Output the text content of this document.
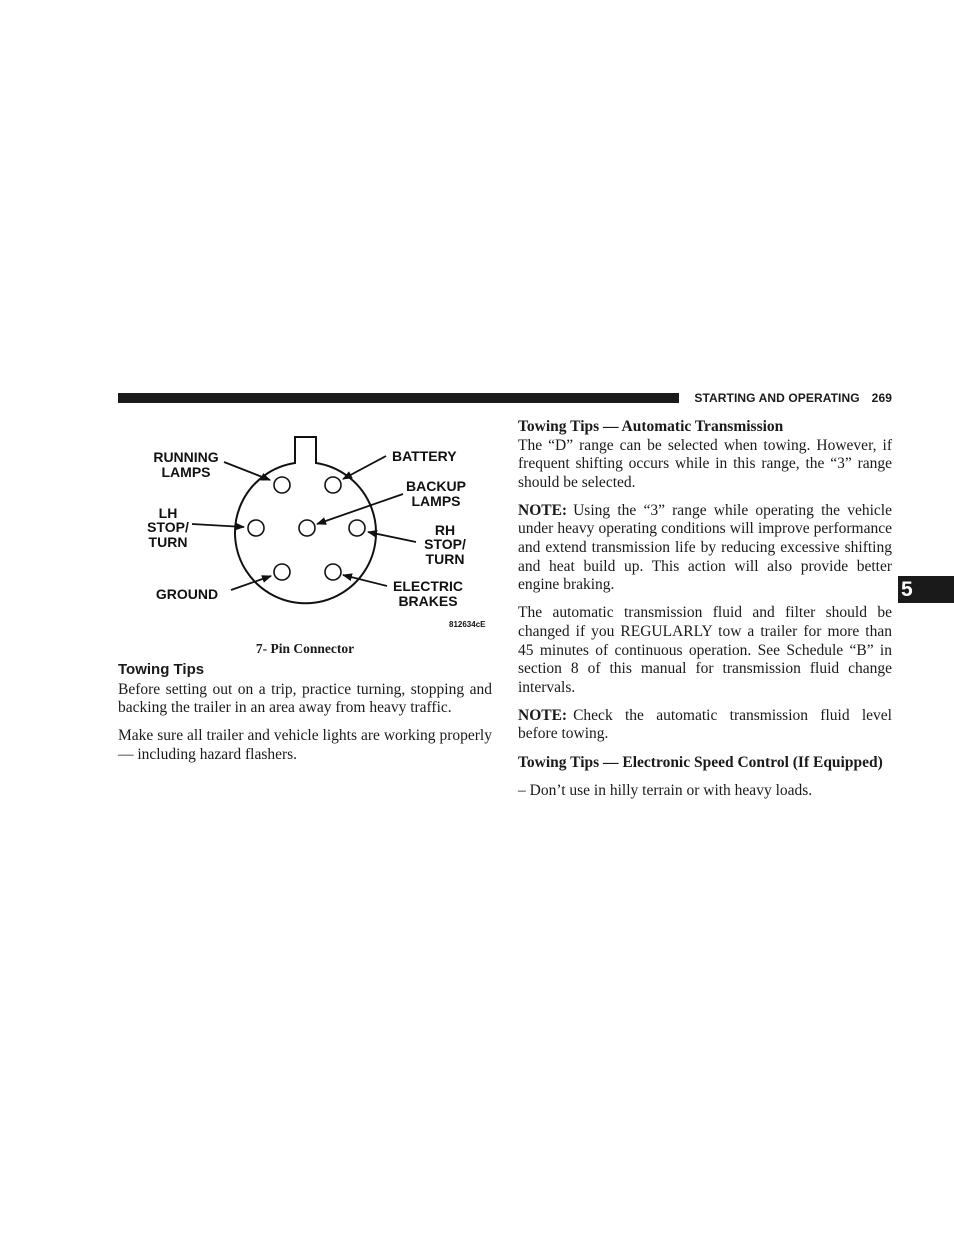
STARTING AND OPERATING 269
5
RUNNING
LAMPS
BATTERY
BACKUP
LAMPS
LH
STOP/
TURN
RH
STOP/
TURN
GROUND	ELECTRIC
BRAKES
812634cE
7- Pin Connector
Towing Tips

Before setting out on a trip, practice turning, stopping and backing the trailer in an area away from heavy traffic.

Make sure all trailer and vehicle lights are working properly — including hazard flashers.

Towing Tips — Automatic Transmission

The “D” range can be selected when towing. However, if frequent shifting occurs while in this range, the “3” range should be selected.

NOTE: Using the “3” range while operating the vehicle under heavy operating conditions will improve performance and extend transmission life by reducing excessive shifting and heat build up. This action will also provide better engine braking.

The automatic transmission fluid and filter should be changed if you REGULARLY tow a trailer for more than 45 minutes of continuous operation. See Schedule “B” in section 8 of this manual for transmission fluid change intervals.

NOTE: Check the automatic transmission fluid level before towing.

Towing Tips — Electronic Speed Control (If Equipped)

– Don’t use in hilly terrain or with heavy loads.
